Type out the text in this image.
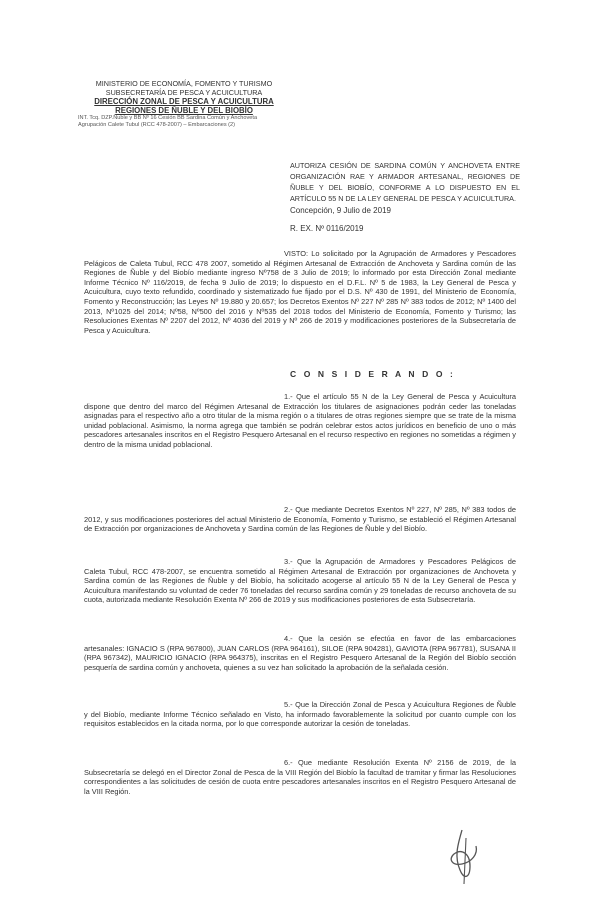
MINISTERIO DE ECONOMÍA, FOMENTO Y TURISMO
SUBSECRETARÍA DE PESCA Y ACUICULTURA
DIRECCIÓN ZONAL DE PESCA Y ACUICULTURA
REGIONES DE ÑUBLE Y DEL BIOBÍO
INT. Tcq. DZP.Ñuble y BB Nº 16 Cesión BB Sardina Común y Anchoveta
Agrupación Calete Tubul (RCC 478-2007) – Embarcaciones (2)
AUTORIZA CESIÓN DE SARDINA COMÚN Y ANCHOVETA ENTRE ORGANIZACIÓN RAE Y ARMADOR ARTESANAL, REGIONES DE ÑUBLE Y DEL BIOBÍO, CONFORME A LO DISPUESTO EN EL ARTÍCULO 55 N DE LA LEY GENERAL DE PESCA Y ACUICULTURA.
Concepción, 9 Julio de 2019
R. EX. Nº 0116/2019
VISTO: Lo solicitado por la Agrupación de Armadores y Pescadores Pelágicos de Caleta Tubul, RCC 478 2007, sometido al Régimen Artesanal de Extracción de Anchoveta y Sardina común de las Regiones de Ñuble y del Biobío mediante ingreso Nº758 de 3 Julio de 2019; lo informado por esta Dirección Zonal mediante Informe Técnico Nº 116/2019, de fecha 9 Julio de 2019; lo dispuesto en el D.F.L. Nº 5 de 1983, la Ley General de Pesca y Acuicultura, cuyo texto refundido, coordinado y sistematizado fue fijado por el D.S. Nº 430 de 1991, del Ministerio de Economía, Fomento y Reconstrucción; las Leyes Nº 19.880 y 20.657; los Decretos Exentos Nº 227 Nº 285 Nº 383 todos de 2012; Nº 1400 del 2013, Nº1025 del 2014; Nº58, Nº500 del 2016 y Nº535 del 2018 todos del Ministerio de Economía, Fomento y Turismo; las Resoluciones Exentas Nº 2207 del 2012, Nº 4036 del 2019 y Nº 266 de 2019 y modificaciones posteriores de la Subsecretaría de Pesca y Acuicultura.
C O N S I D E R A N D O :
1.- Que el artículo 55 N de la Ley General de Pesca y Acuicultura dispone que dentro del marco del Régimen Artesanal de Extracción los titulares de asignaciones podrán ceder las toneladas asignadas para el respectivo año a otro titular de la misma región o a titulares de otras regiones siempre que se trate de la misma unidad poblacional. Asimismo, la norma agrega que también se podrán celebrar estos actos jurídicos en beneficio de uno o más pescadores artesanales inscritos en el Registro Pesquero Artesanal en el recurso respectivo en regiones no sometidas a régimen y dentro de la misma unidad poblacional.
2.- Que mediante Decretos Exentos Nº 227, Nº 285, Nº 383 todos de 2012, y sus modificaciones posteriores del actual Ministerio de Economía, Fomento y Turismo, se estableció el Régimen Artesanal de Extracción por organizaciones de Anchoveta y Sardina común de las Regiones de Ñuble y del Biobío.
3.- Que la Agrupación de Armadores y Pescadores Pelágicos de Caleta Tubul, RCC 478-2007, se encuentra sometido al Régimen Artesanal de Extracción por organizaciones de Anchoveta y Sardina común de las Regiones de Ñuble y del Biobío, ha solicitado acogerse al artículo 55 N de la Ley General de Pesca y Acuicultura manifestando su voluntad de ceder 76 toneladas del recurso sardina común y 29 toneladas de recurso anchoveta de su cuota, autorizada mediante Resolución Exenta Nº 266 de 2019 y sus modificaciones posteriores de esta Subsecretaría.
4.- Que la cesión se efectúa en favor de las embarcaciones artesanales: IGNACIO S (RPA 967800), JUAN CARLOS (RPA 964161), SILOE (RPA 904281), GAVIOTA (RPA 967781), SUSANA II (RPA 967342), MAURICIO IGNACIO (RPA 964375), inscritas en el Registro Pesquero Artesanal de la Región del Biobío sección pesquería de sardina común y anchoveta, quienes a su vez han solicitado la aprobación de la señalada cesión.
5.- Que la Dirección Zonal de Pesca y Acuicultura Regiones de Ñuble y del Biobío, mediante Informe Técnico señalado en Visto, ha informado favorablemente la solicitud por cuanto cumple con los requisitos establecidos en la citada norma, por lo que corresponde autorizar la cesión de toneladas.
6.- Que mediante Resolución Exenta Nº 2156 de 2019, de la Subsecretaría se delegó en el Director Zonal de Pesca de la VIII Región del Biobío la facultad de tramitar y firmar las Resoluciones correspondientes a las solicitudes de cesión de cuota entre pescadores artesanales inscritos en el Registro Pesquero Artesanal de la VIII Región.
